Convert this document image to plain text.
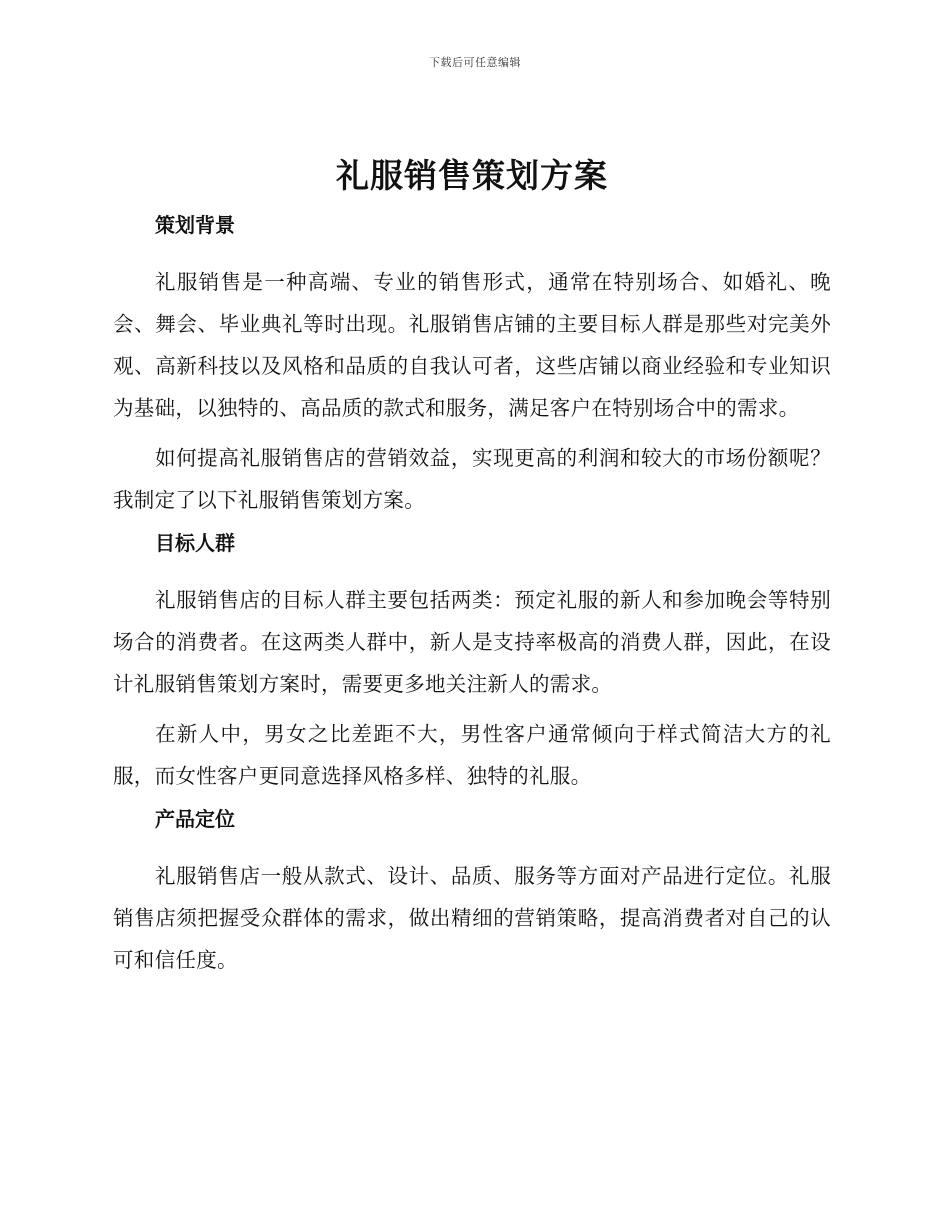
下载后可任意编辑
礼服销售策划方案
策划背景

礼服销售是一种高端、专业的销售形式，通常在特别场合、如婚礼、晚会、舞会、毕业典礼等时出现。礼服销售店铺的主要目标人群是那些对完美外观、高新科技以及风格和品质的自我认可者，这些店铺以商业经验和专业知识为基础，以独特的、高品质的款式和服务，满足客户在特别场合中的需求。

如何提高礼服销售店的营销效益，实现更高的利润和较大的市场份额呢？我制定了以下礼服销售策划方案。

目标人群

礼服销售店的目标人群主要包括两类：预定礼服的新人和参加晚会等特别场合的消费者。在这两类人群中，新人是支持率极高的消费人群，因此，在设计礼服销售策划方案时，需要更多地关注新人的需求。

在新人中，男女之比差距不大，男性客户通常倾向于样式简洁大方的礼服，而女性客户更同意选择风格多样、独特的礼服。

产品定位

礼服销售店一般从款式、设计、品质、服务等方面对产品进行定位。礼服销售店须把握受众群体的需求，做出精细的营销策略，提高消费者对自己的认可和信任度。
